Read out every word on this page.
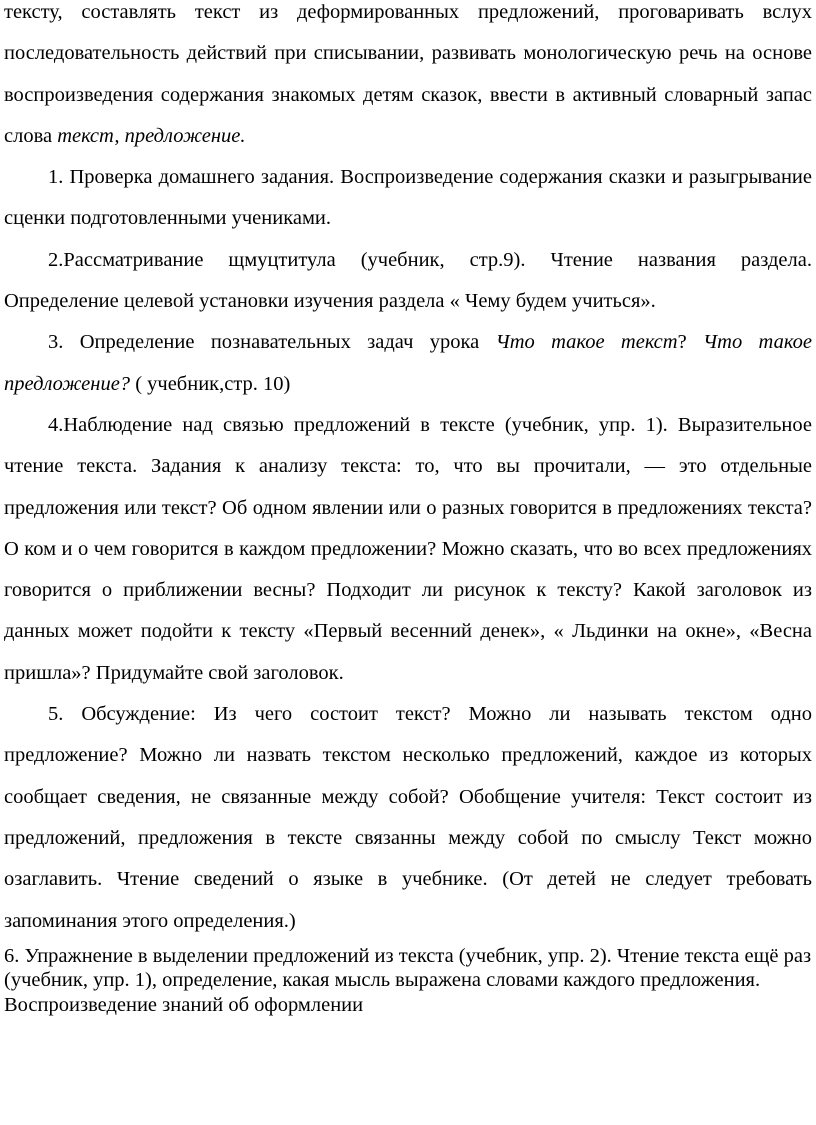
тексту, составлять текст из деформированных предложений, проговаривать вслух последовательность действий при списывании, развивать монологическую речь на основе воспроизведения содержания знакомых детям сказок, ввести в активный словарный запас слова текст, предложение.

1. Проверка домашнего задания. Воспроизведение содержания сказки и разыгрывание сценки подготовленными учениками.

2.Рассматривание щмуцтитула (учебник, стр.9). Чтение названия раздела. Определение целевой установки изучения раздела « Чему будем учиться».

3. Определение познавательных задач урока Что такое текст? Что такое предложение? ( учебник,стр. 10)

4.Наблюдение над связью предложений в тексте (учебник, упр. 1). Выразительное чтение текста. Задания к анализу текста: то, что вы прочитали, — это отдельные предложения или текст? Об одном явлении или о разных говорится в предложениях текста? О ком и о чем говорится в каждом предложении? Можно сказать, что во всех предложениях говорится о приближении весны? Подходит ли рисунок к тексту? Какой заголовок из данных может подойти к тексту «Первый весенний денек», « Льдинки на окне», «Весна пришла»? Придумайте свой заголовок.

5. Обсуждение: Из чего состоит текст? Можно ли называть текстом одно предложение? Можно ли назвать текстом несколько предложений, каждое из которых сообщает сведения, не связанные между собой? Обобщение учителя: Текст состоит из предложений, предложения в тексте связанны между собой по смыслу Текст можно озаглавить. Чтение сведений о языке в учебнике. (От детей не следует требовать запоминания этого определения.)

6. Упражнение в выделении предложений из текста (учебник, упр. 2). Чтение текста ещё раз (учебник, упр. 1), определение, какая мысль выражена словами каждого предложения. Воспроизведение знаний об оформлении
